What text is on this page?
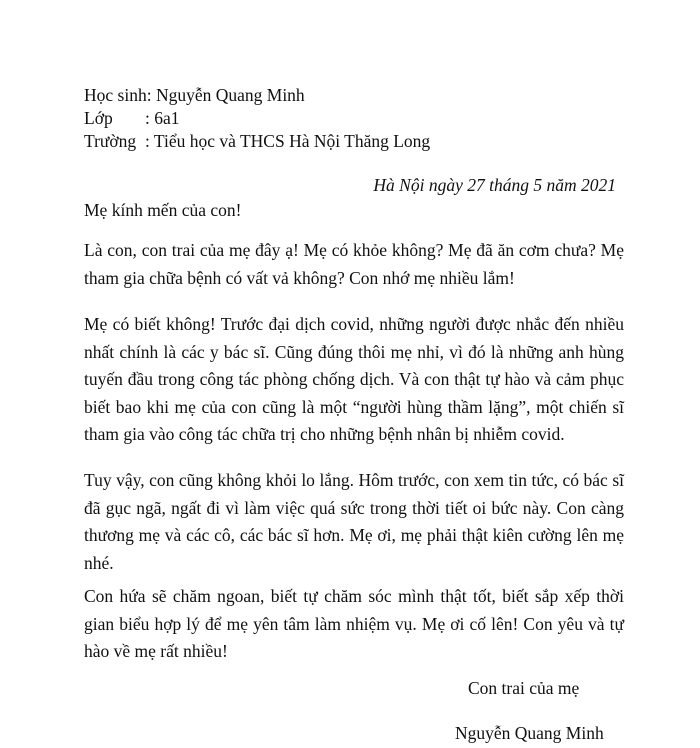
Học sinh: Nguyễn Quang Minh
Lớp : 6a1
Trường : Tiểu học và THCS Hà Nội Thăng Long
Hà Nội ngày 27 tháng 5 năm 2021
Mẹ kính mến của con!

Là con, con trai của mẹ đây ạ! Mẹ có khỏe không? Mẹ đã ăn cơm chưa? Mẹ tham gia chữa bệnh có vất vả không? Con nhớ mẹ nhiều lắm!

Mẹ có biết không! Trước đại dịch covid, những người được nhắc đến nhiều nhất chính là các y bác sĩ. Cũng đúng thôi mẹ nhỉ, vì đó là những anh hùng tuyến đầu trong công tác phòng chống dịch. Và con thật tự hào và cảm phục biết bao khi mẹ của con cũng là một “người hùng thầm lặng”, một chiến sĩ tham gia vào công tác chữa trị cho những bệnh nhân bị nhiễm covid.

Tuy vậy, con cũng không khỏi lo lắng. Hôm trước, con xem tin tức, có bác sĩ đã gục ngã, ngất đi vì làm việc quá sức trong thời tiết oi bức này. Con càng thương mẹ và các cô, các bác sĩ hơn. Mẹ ơi, mẹ phải thật kiên cường lên mẹ nhé.

Con hứa sẽ chăm ngoan, biết tự chăm sóc mình thật tốt, biết sắp xếp thời gian biểu hợp lý để mẹ yên tâm làm nhiệm vụ. Mẹ ơi cố lên! Con yêu và tự hào về mẹ rất nhiều!

Con trai của mẹ
Nguyễn Quang Minh
